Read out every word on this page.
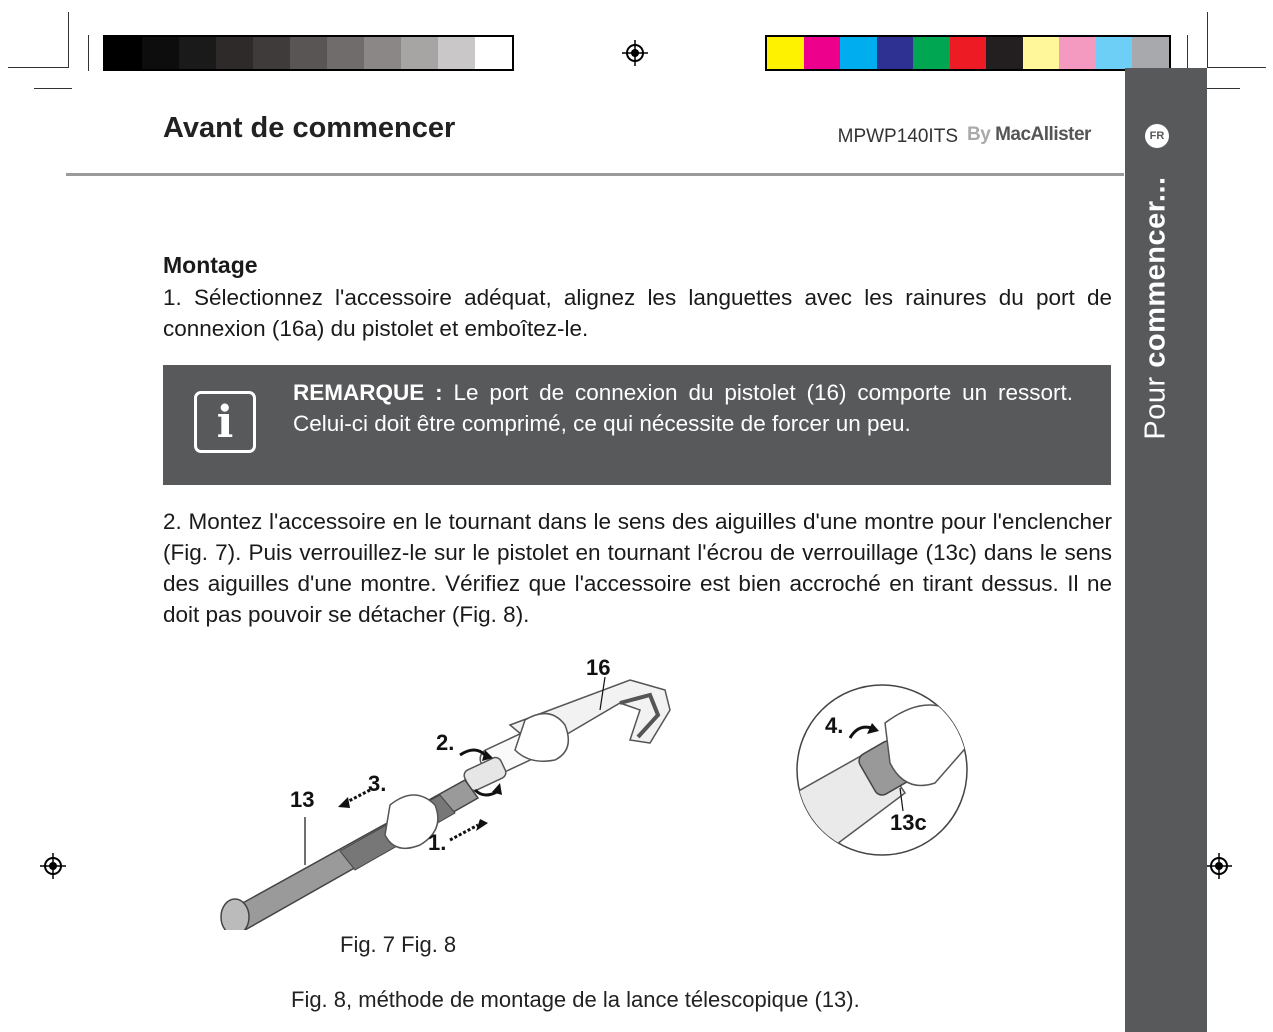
FR
Pour commencer...
Avant de commencer	MPWP140ITS By MacAllister
Montage
1. Sélectionnez l'accessoire adéquat, alignez les languettes avec les rainures du port de connexion (16a) du pistolet et emboîtez-le.
i
REMARQUE : Le port de connexion du pistolet (16) comporte un ressort. Celui-ci doit être comprimé, ce qui nécessite de forcer un peu.
2. Montez l'accessoire en le tournant dans le sens des aiguilles d'une montre pour l'enclencher (Fig. 7). Puis verrouillez-le sur le pistolet en tournant l'écrou de verrouillage (13c) dans le sens des aiguilles d'une montre. Vérifiez que l'accessoire est bien accroché en tirant dessus. Il ne doit pas pouvoir se détacher (Fig. 8).
16
2.
3.
13
1.
4.
13c
Fig. 7 Fig. 8
Fig. 8, méthode de montage de la lance télescopique (13).
